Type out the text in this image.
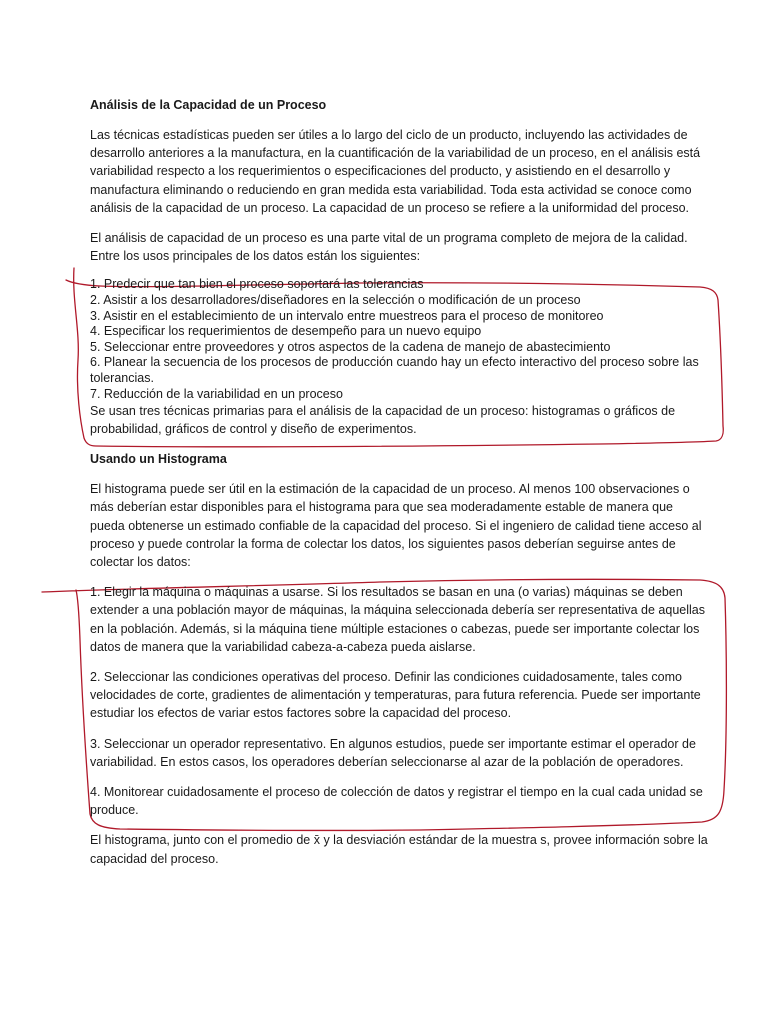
Análisis de la Capacidad de un Proceso

Las técnicas estadísticas pueden ser útiles a lo largo del ciclo de un producto, incluyendo las actividades de desarrollo anteriores a la manufactura, en la cuantificación de la variabilidad de un proceso, en el análisis está variabilidad respecto a los requerimientos o especificaciones del producto, y asistiendo en el desarrollo y manufactura eliminando o reduciendo en gran medida esta variabilidad. Toda esta actividad se conoce como análisis de la capacidad de un proceso. La capacidad de un proceso se refiere a la uniformidad del proceso.

El análisis de capacidad de un proceso es una parte vital de un programa completo de mejora de la calidad. Entre los usos principales de los datos están los siguientes:

1. Predecir que tan bien el proceso soportará las tolerancias

2. Asistir a los desarrolladores/diseñadores en la selección o modificación de un proceso

3. Asistir en el establecimiento de un intervalo entre muestreos para el proceso de monitoreo

4. Especificar los requerimientos de desempeño para un nuevo equipo

5. Seleccionar entre proveedores y otros aspectos de la cadena de manejo de abastecimiento

6. Planear la secuencia de los procesos de producción cuando hay un efecto interactivo del proceso sobre las tolerancias.

7. Reducción de la variabilidad en un proceso

Se usan tres técnicas primarias para el análisis de la capacidad de un proceso: histogramas o gráficos de probabilidad, gráficos de control y diseño de experimentos.

Usando un Histograma

El histograma puede ser útil en la estimación de la capacidad de un proceso. Al menos 100 observaciones o más deberían estar disponibles para el histograma para que sea moderadamente estable de manera que pueda obtenerse un estimado confiable de la capacidad del proceso. Si el ingeniero de calidad tiene acceso al proceso y puede controlar la forma de colectar los datos, los siguientes pasos deberían seguirse antes de colectar los datos:

1. Elegir la máquina o máquinas a usarse. Si los resultados se basan en una (o varias) máquinas se deben extender a una población mayor de máquinas, la máquina seleccionada debería ser representativa de aquellas en la población. Además, si la máquina tiene múltiple estaciones o cabezas, puede ser importante colectar los datos de manera que la variabilidad cabeza-a-cabeza pueda aislarse.

2. Seleccionar las condiciones operativas del proceso. Definir las condiciones cuidadosamente, tales como velocidades de corte, gradientes de alimentación y temperaturas, para futura referencia. Puede ser importante estudiar los efectos de variar estos factores sobre la capacidad del proceso.

3. Seleccionar un operador representativo. En algunos estudios, puede ser importante estimar el operador de variabilidad. En estos casos, los operadores deberían seleccionarse al azar de la población de operadores.

4. Monitorear cuidadosamente el proceso de colección de datos y registrar el tiempo en la cual cada unidad se produce.

El histograma, junto con el promedio de x̄ y la desviación estándar de la muestra s, provee información sobre la capacidad del proceso.
